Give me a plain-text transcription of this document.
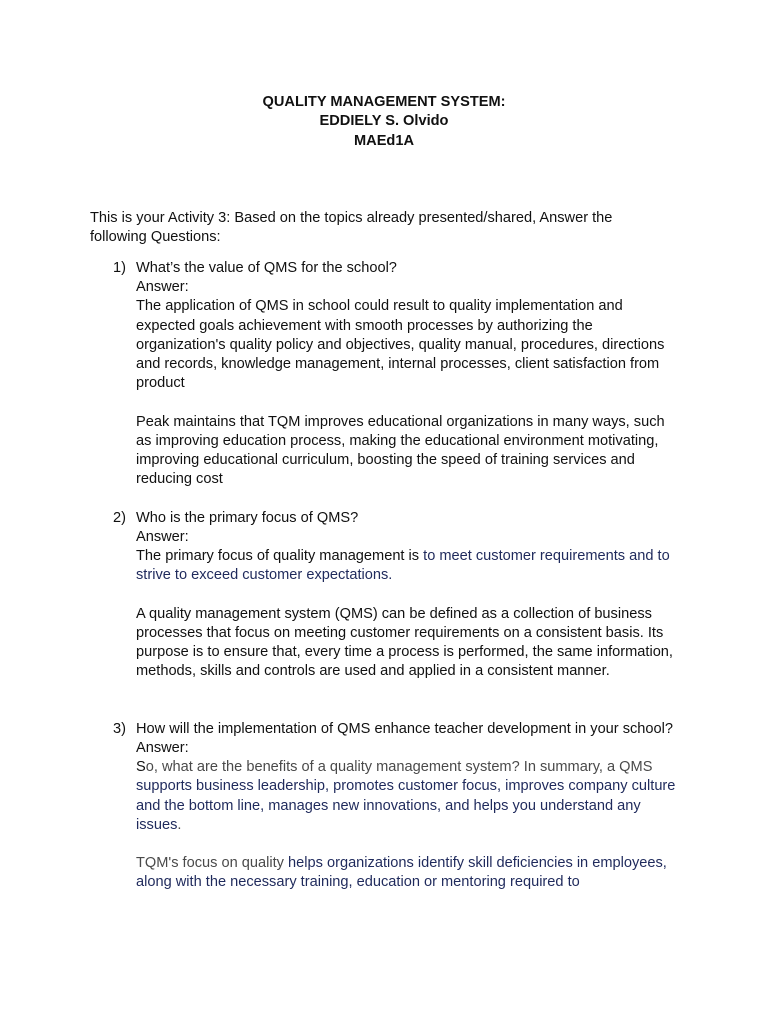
QUALITY MANAGEMENT SYSTEM:
EDDIELY S. Olvido
MAEd1A
This is your Activity 3: Based on the topics already presented/shared, Answer the following Questions:
1) What’s the value of QMS for the school?

Answer:

The application of QMS in school could result to quality implementation and expected goals achievement with smooth processes by authorizing the organization's quality policy and objectives, quality manual, procedures, directions and records, knowledge management, internal processes, client satisfaction from product

Peak maintains that TQM improves educational organizations in many ways, such as improving education process, making the educational environment motivating, improving educational curriculum, boosting the speed of training services and reducing cost

2) Who is the primary focus of QMS?

Answer:

The primary focus of quality management is to meet customer requirements and to strive to exceed customer expectations.

A quality management system (QMS) can be defined as a collection of business processes that focus on meeting customer requirements on a consistent basis. Its purpose is to ensure that, every time a process is performed, the same information, methods, skills and controls are used and applied in a consistent manner.

3) How will the implementation of QMS enhance teacher development in your school?

Answer:

So, what are the benefits of a quality management system? In summary, a QMS supports business leadership, promotes customer focus, improves company culture and the bottom line, manages new innovations, and helps you understand any issues.

TQM's focus on quality helps organizations identify skill deficiencies in employees, along with the necessary training, education or mentoring required to
